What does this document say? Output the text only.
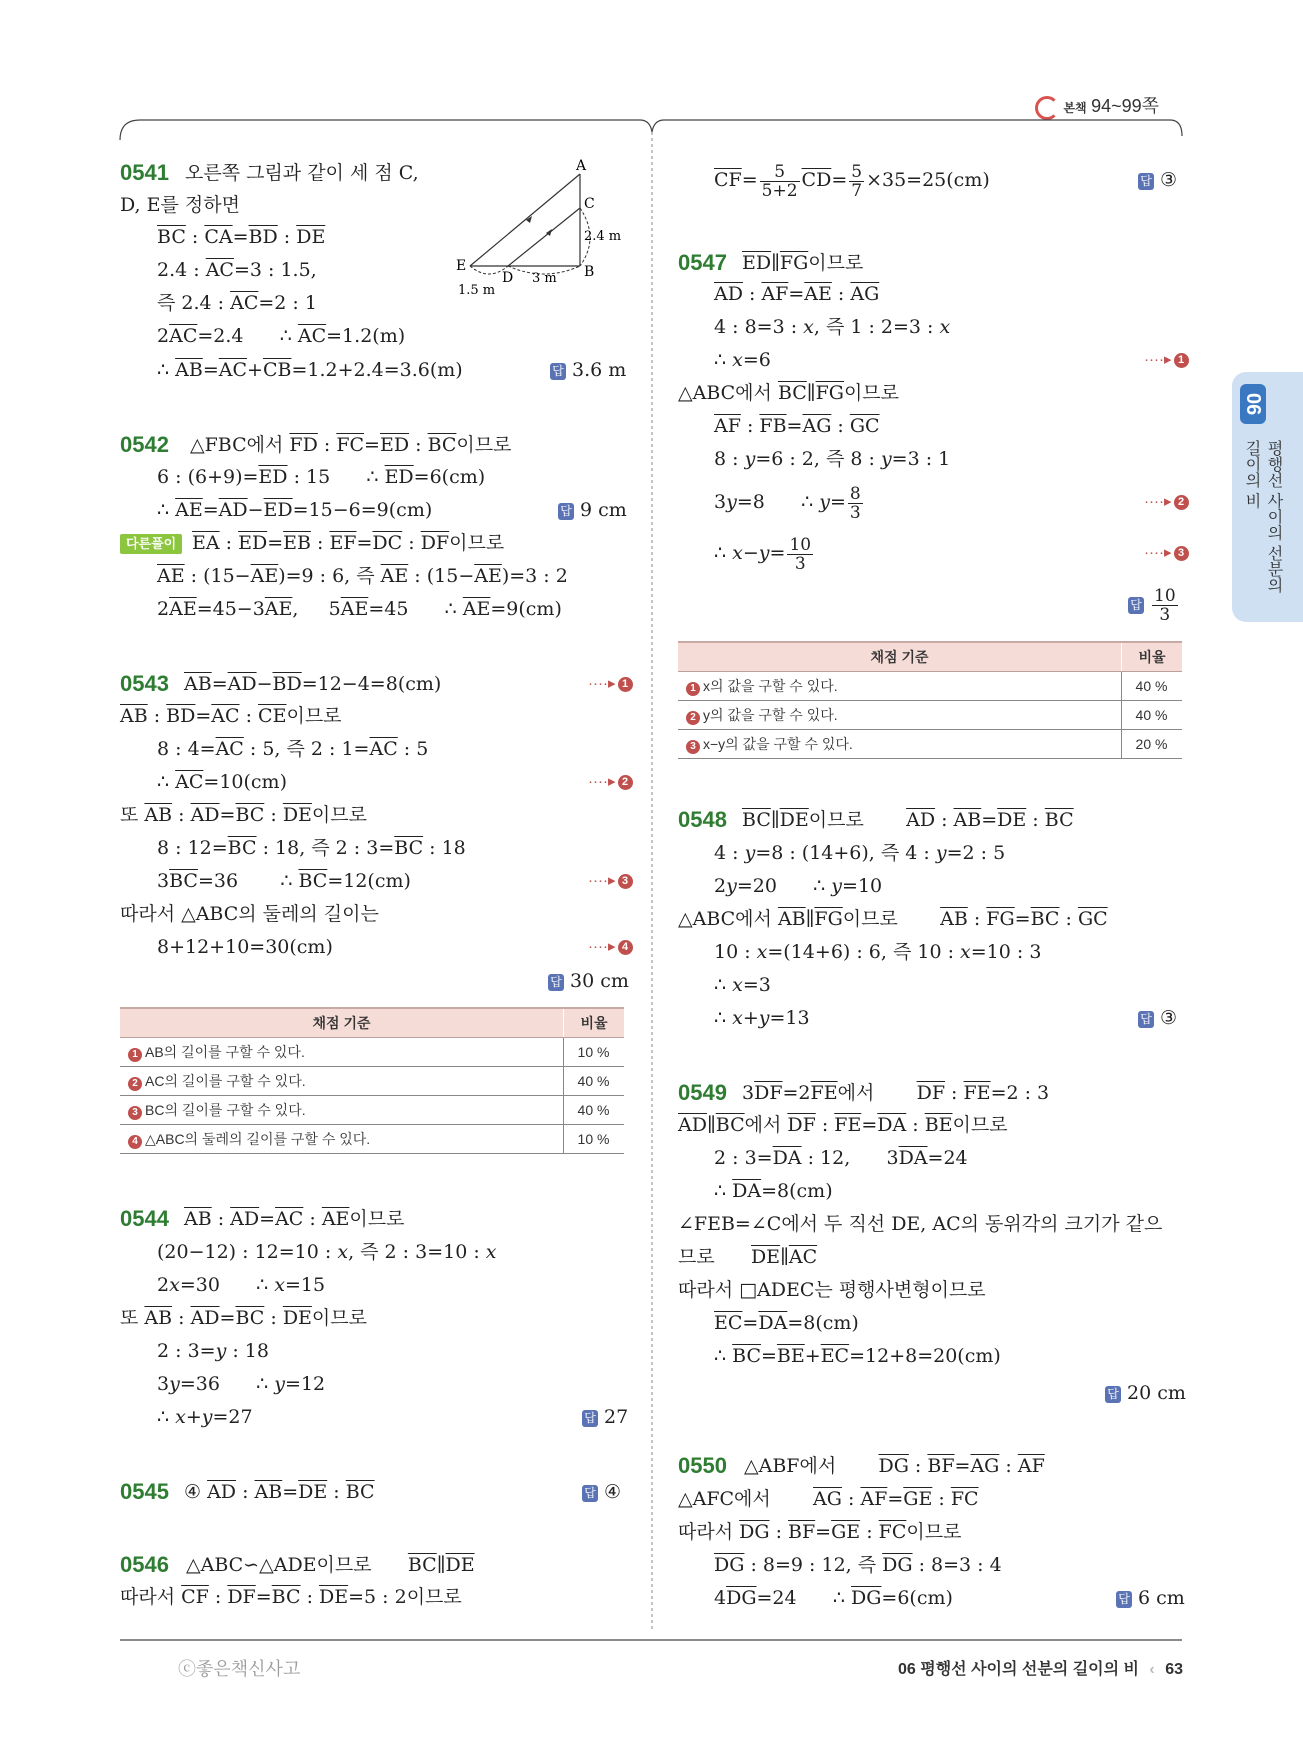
본책 94~99쪽
06
평행선 사이의 선분의 길이의 비
0541 오른쪽 그림과 같이 세 점 C,
D, E를 정하면
$\overline{BC}$ : $\overline{CA}=\overline{BD}$ : $\overline{DE}$
2.4 : $\overline{AC}=3$ : 1.5,
즉 2.4 : $\overline{AC}=2$ : 1
$2\overline{AC}=2.4$      ∴ $\overline{AC}=1.2(m)$
∴ $\overline{AB}=\overline{AC}+\overline{CB}=1.2+2.4=3.6(m)$	답 3.6 m
A
C
E
D	B
2.4 m
3 m
1.5 m
0542 △FBC에서 $\overline{FD}$ : $\overline{FC}=\overline{ED}$ : $\overline{BC}$이므로
6 : $(6+9)=\overline{ED}$ : 15      ∴ $\overline{ED}=6(cm)$
∴ $\overline{AE}=\overline{AD}-\overline{ED}=15-6=9(cm)$	답 9 cm
다른풀이 $\overline{EA}$ : $\overline{ED}=\overline{EB}$ : $\overline{EF}=\overline{DC}$ : $\overline{DF}$이므로
$\overline{AE}$ : $(15-\overline{AE})=9$ : 6, 즉 $\overline{AE}$ : $(15-\overline{AE})=3$ : 2
$2\overline{AE}=45-3\overline{AE}$,     $5\overline{AE}=45$      ∴ $\overline{AE}=9(cm)$
0543 $\overline{AB}=\overline{AD}-\overline{BD}=12-4=8(cm)$	····▸ 1
$\overline{AB}$ : $\overline{BD}=\overline{AC}$ : $\overline{CE}$이므로
8 : $4=\overline{AC}$ : 5, 즉 2 : $1=\overline{AC}$ : 5
∴ $\overline{AC}=10(cm)$	····▸ 2
또 $\overline{AB}$ : $\overline{AD}=\overline{BC}$ : $\overline{DE}$이므로
8 : $12=\overline{BC}$ : 18, 즉 2 : $3=\overline{BC}$ : 18
$3\overline{BC}=36$       ∴ $\overline{BC}=12(cm)$	····▸ 3
따라서 △ABC의 둘레의 길이는
8+12+10=30(cm)	····▸ 4
답 30 cm
채점 기준	비율
1 AB의 길이를 구할 수 있다.	10 %
2 AC의 길이를 구할 수 있다.	40 %
3 BC의 길이를 구할 수 있다.	40 %
4 △ABC의 둘레의 길이를 구할 수 있다.	10 %
0544 $\overline{AB}$ : $\overline{AD}=\overline{AC}$ : $\overline{AE}$이므로
(20−12) : 12=10 : x, 즉 2 : 3=10 : x
2x=30      ∴ x=15
또 $\overline{AB}$ : $\overline{AD}=\overline{BC}$ : $\overline{DE}$이므로
2 : 3=y : 18
3y=36      ∴ y=12
∴ x+y=27	답 27
0545 ④ $\overline{AD}$ : $\overline{AB}=\overline{DE}$ : $\overline{BC}$	답 ④
0546 △ABC∽△ADE이므로      $\overline{BC}\parallel\overline{DE}$
따라서 $\overline{CF}$ : $\overline{DF}=\overline{BC}$ : $\overline{DE}=5$ : 2이므로
$\overline{CF}= \frac{5}{5+2} \overline{CD}= \frac{5}{7} \times 35=25(cm)$	답 ③
0547 $\overline{ED}\parallel\overline{FG}$이므로
$\overline{AD}$ : $\overline{AF}=\overline{AE}$ : $\overline{AG}$
4 : 8=3 : x, 즉 1 : 2=3 : x
∴ x=6	····▸ 1
△ABC에서 $\overline{BC}\parallel\overline{FG}$이므로
$\overline{AF}$ : $\overline{FB}=\overline{AG}$ : $\overline{GC}$
8 : y=6 : 2, 즉 8 : y=3 : 1
3y=8      ∴ $y= \frac{8}{3}$	····▸ 2
∴ $x-y= \frac{10}{3}$	····▸ 3
답 $\frac{10}{3}$
채점 기준	비율
1 x의 값을 구할 수 있다.	40 %
2 y의 값을 구할 수 있다.	40 %
3 x−y의 값을 구할 수 있다.	20 %
0548 $\overline{BC}\parallel\overline{DE}$이므로       $\overline{AD}$ : $\overline{AB}=\overline{DE}$ : $\overline{BC}$
4 : y=8 : (14+6), 즉 4 : y=2 : 5
2y=20      ∴ y=10
△ABC에서 $\overline{AB}\parallel\overline{FG}$이므로       $\overline{AB}$ : $\overline{FG}=\overline{BC}$ : $\overline{GC}$
10 : x=(14+6) : 6, 즉 10 : x=10 : 3
∴ x=3
∴ x+y=13	답 ③
0549 $3\overline{DF}=2\overline{FE}$에서       $\overline{DF}$ : $\overline{FE}=2$ : 3
$\overline{AD}\parallel\overline{BC}$에서 $\overline{DF}$ : $\overline{FE}=\overline{DA}$ : $\overline{BE}$이므로
2 : $3=\overline{DA}$ : 12,      $3\overline{DA}=24$
∴ $\overline{DA}=8(cm)$
∠FEB=∠C에서 두 직선 DE, AC의 동위각의 크기가 같으
므로      $\overline{DE}\parallel\overline{AC}$
따라서 □ADEC는 평행사변형이므로
$\overline{EC}=\overline{DA}=8(cm)$
∴ $\overline{BC}=\overline{BE}+\overline{EC}=12+8=20(cm)$
답 20 cm
0550 △ABF에서       $\overline{DG}$ : $\overline{BF}=\overline{AG}$ : $\overline{AF}$
△AFC에서       $\overline{AG}$ : $\overline{AF}=\overline{GE}$ : $\overline{FC}$
따라서 $\overline{DG}$ : $\overline{BF}=\overline{GE}$ : $\overline{FC}$이므로
$\overline{DG}$ : 8=9 : 12, 즉 $\overline{DG}$ : 8=3 : 4
$4\overline{DG}=24$      ∴ $\overline{DG}=6(cm)$	답 6 cm
ⓒ좋은책신사고	06 평행선 사이의 선분의 길이의 비 ‹ 63
